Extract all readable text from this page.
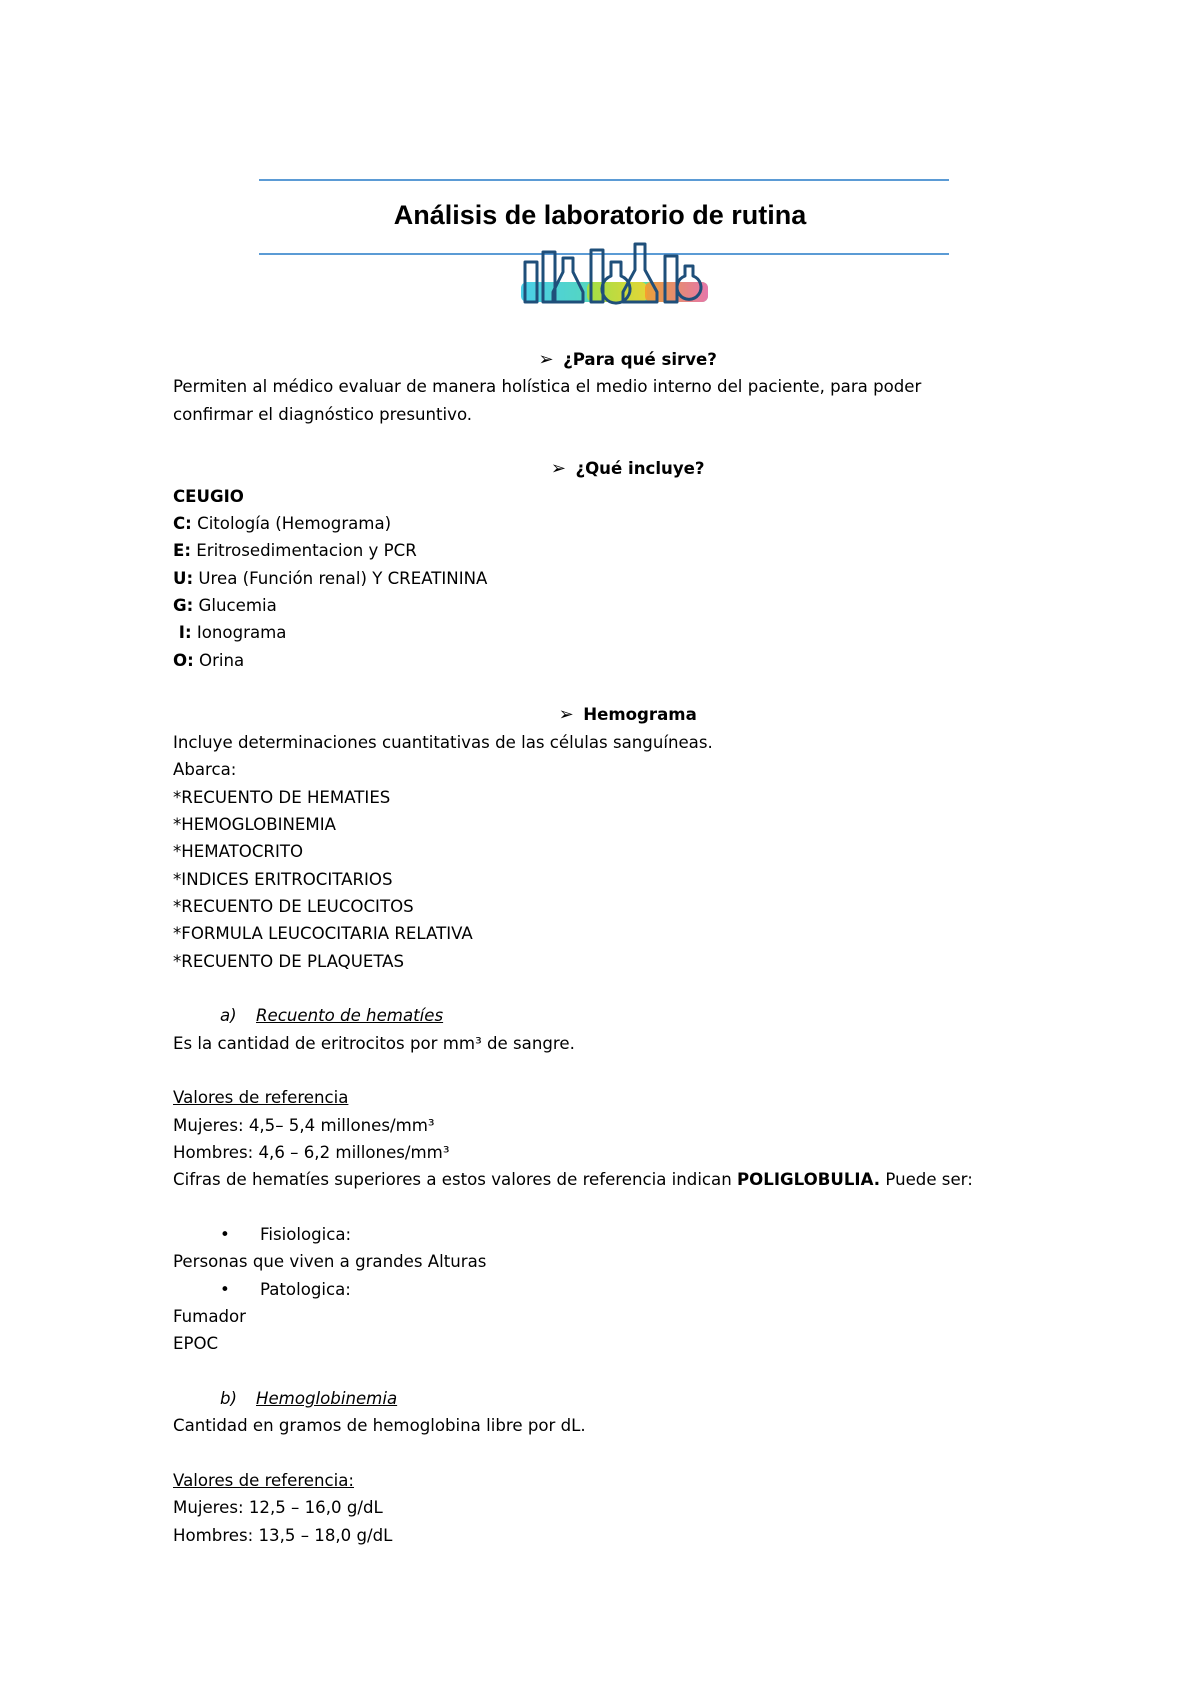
Análisis de laboratorio de rutina
➢ ¿Para qué sirve?
Permiten al médico evaluar de manera holística el medio interno del paciente, para poder
confirmar el diagnóstico presuntivo.
➢ ¿Qué incluye?
CEUGIO
C: Citología (Hemograma)
E: Eritrosedimentacion y PCR
U: Urea (Función renal) Y CREATININA
G: Glucemia
I: Ionograma
O: Orina
➢ Hemograma
Incluye determinaciones cuantitativas de las células sanguíneas.
Abarca:
*RECUENTO DE HEMATIES
*HEMOGLOBINEMIA
*HEMATOCRITO
*INDICES ERITROCITARIOS
*RECUENTO DE LEUCOCITOS
*FORMULA LEUCOCITARIA RELATIVA
*RECUENTO DE PLAQUETAS
a) Recuento de hematíes
Es la cantidad de eritrocitos por mm³ de sangre.
Valores de referencia
Mujeres: 4,5– 5,4 millones/mm³
Hombres: 4,6 – 6,2 millones/mm³
Cifras de hematíes superiores a estos valores de referencia indican POLIGLOBULIA. Puede ser:
• Fisiologica:
Personas que viven a grandes Alturas
• Patologica:
Fumador
EPOC
b) Hemoglobinemia
Cantidad en gramos de hemoglobina libre por dL.
Valores de referencia:
Mujeres: 12,5 – 16,0 g/dL
Hombres: 13,5 – 18,0 g/dL
